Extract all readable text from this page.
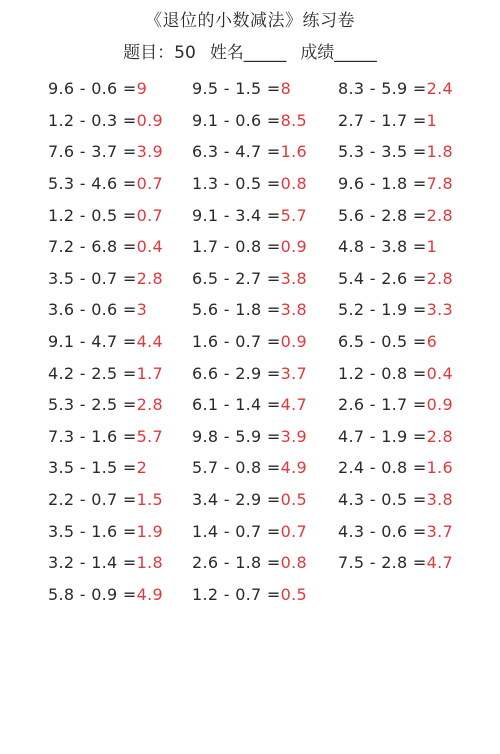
《退位的小数减法》练习卷
题目：50 姓名_____ 成绩_____
9.6 - 0.6 =9	9.5 - 1.5 =8	8.3 - 5.9 =2.4
1.2 - 0.3 =0.9	9.1 - 0.6 =8.5	2.7 - 1.7 =1
7.6 - 3.7 =3.9	6.3 - 4.7 =1.6	5.3 - 3.5 =1.8
5.3 - 4.6 =0.7	1.3 - 0.5 =0.8	9.6 - 1.8 =7.8
1.2 - 0.5 =0.7	9.1 - 3.4 =5.7	5.6 - 2.8 =2.8
7.2 - 6.8 =0.4	1.7 - 0.8 =0.9	4.8 - 3.8 =1
3.5 - 0.7 =2.8	6.5 - 2.7 =3.8	5.4 - 2.6 =2.8
3.6 - 0.6 =3	5.6 - 1.8 =3.8	5.2 - 1.9 =3.3
9.1 - 4.7 =4.4	1.6 - 0.7 =0.9	6.5 - 0.5 =6
4.2 - 2.5 =1.7	6.6 - 2.9 =3.7	1.2 - 0.8 =0.4
5.3 - 2.5 =2.8	6.1 - 1.4 =4.7	2.6 - 1.7 =0.9
7.3 - 1.6 =5.7	9.8 - 5.9 =3.9	4.7 - 1.9 =2.8
3.5 - 1.5 =2	5.7 - 0.8 =4.9	2.4 - 0.8 =1.6
2.2 - 0.7 =1.5	3.4 - 2.9 =0.5	4.3 - 0.5 =3.8
3.5 - 1.6 =1.9	1.4 - 0.7 =0.7	4.3 - 0.6 =3.7
3.2 - 1.4 =1.8	2.6 - 1.8 =0.8	7.5 - 2.8 =4.7
5.8 - 0.9 =4.9	1.2 - 0.7 =0.5
